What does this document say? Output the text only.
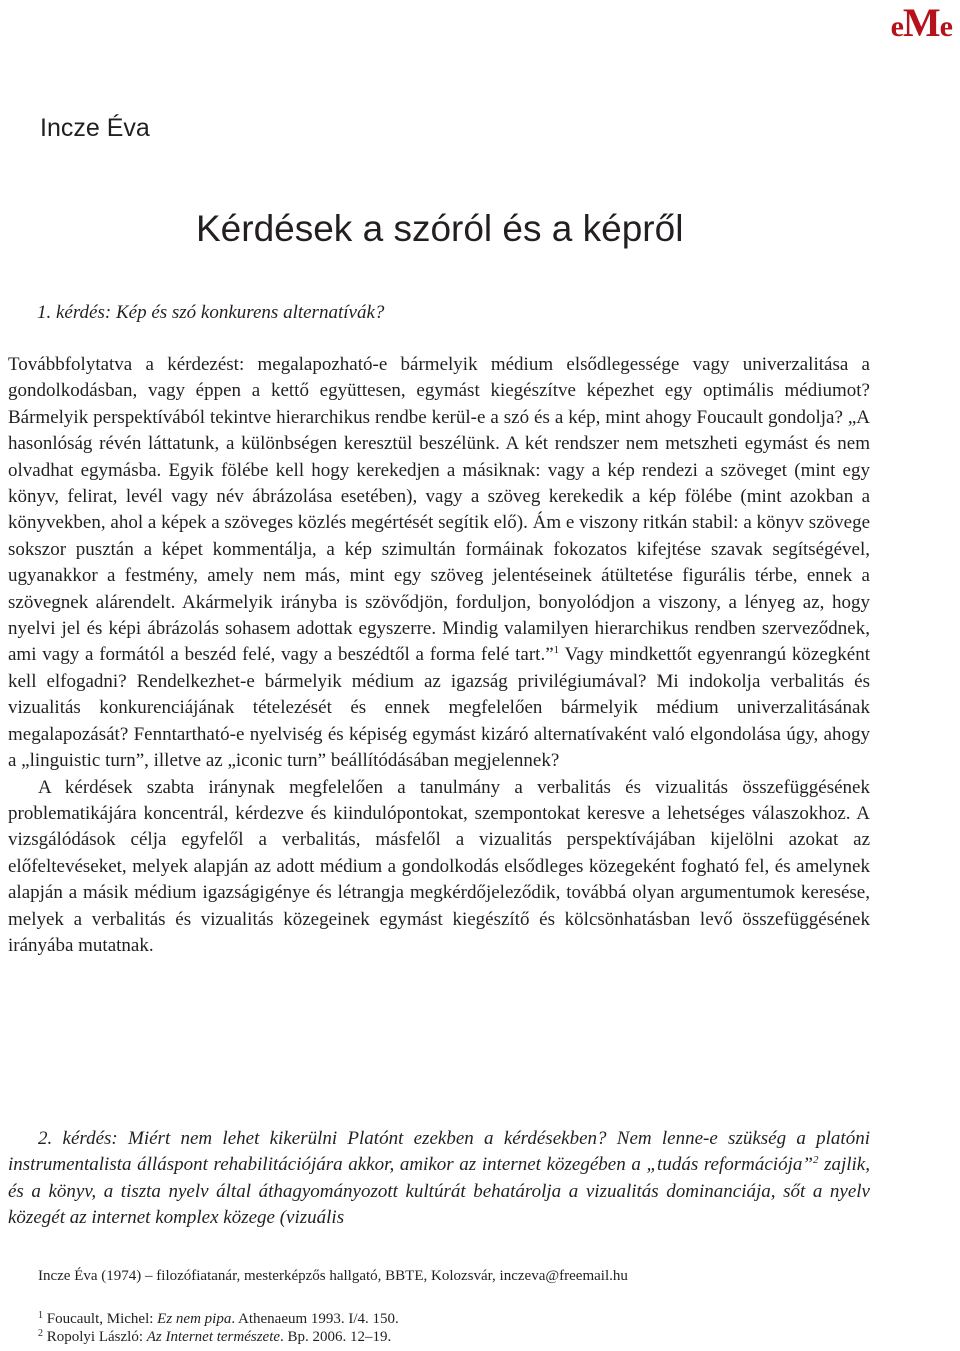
eMe
Incze Éva
Kérdések a szóról és a képről
1. kérdés: Kép és szó konkurens alternatívák?

Továbbfolytatva a kérdezést: megalapozható-e bármelyik médium elsődlegessége vagy univerzalitása a gondolkodásban, vagy éppen a kettő együttesen, egymást kiegészítve képezhet egy optimális médiumot? Bármelyik perspektívából tekintve hierarchikus rendbe kerül-e a szó és a kép, mint ahogy Foucault gondolja? „A hasonlóság révén láttatunk, a különbségen keresztül beszélünk. A két rendszer nem metszheti egymást és nem olvadhat egymásba. Egyik fölébe kell hogy kerekedjen a másiknak: vagy a kép rendezi a szöveget (mint egy könyv, felirat, levél vagy név ábrázolása esetében), vagy a szöveg kerekedik a kép fölébe (mint azokban a könyvekben, ahol a képek a szöveges közlés megértését segítik elő). Ám e viszony ritkán stabil: a könyv szövege sokszor pusztán a képet kommentálja, a kép szimultán formáinak fokozatos kifejtése szavak segítségével, ugyanakkor a festmény, amely nem más, mint egy szöveg jelentéseinek átültetése figurális térbe, ennek a szövegnek alárendelt. Akármelyik irányba is szövődjön, forduljon, bonyolódjon a viszony, a lényeg az, hogy nyelvi jel és képi ábrázolás sohasem adottak egyszerre. Mindig valamilyen hierarchikus rendben szerveződnek, ami vagy a formától a beszéd felé, vagy a beszédtől a forma felé tart.”$^1$ Vagy mindkettőt egyenrangú közegként kell elfogadni? Rendelkezhet-e bármelyik médium az igazság privilégiumával? Mi indokolja verbalitás és vizualitás konkurenciájának tételezését és ennek megfelelően bármelyik médium univerzalitásának megalapozását? Fenntartható-e nyelviség és képiség egymást kizáró alternatívaként való elgondolása úgy, ahogy a „linguistic turn”, illetve az „iconic turn” beállítódásában megjelennek?

A kérdések szabta iránynak megfelelően a tanulmány a verbalitás és vizualitás összefüggésének problematikájára koncentrál, kérdezve és kiindulópontokat, szempontokat keresve a lehetséges válaszokhoz. A vizsgálódások célja egyfelől a verbalitás, másfelől a vizualitás perspektívájában kijelölni azokat az előfeltevéseket, melyek alapján az adott médium a gondolkodás elsődleges közegeként fogható fel, és amelynek alapján a másik médium igazságigénye és létrangja megkérdőjeleződik, továbbá olyan argumentumok keresése, melyek a verbalitás és vizualitás közegeinek egymást kiegészítő és kölcsönhatásban levő összefüggésének irányába mutatnak.

2. kérdés: Miért nem lehet kikerülni Platónt ezekben a kérdésekben? Nem lenne-e szükség a platóni instrumentalista álláspont rehabilitációjára akkor, amikor az internet közegében a „tudás reformációja”$^2$ zajlik, és a könyv, a tiszta nyelv által áthagyományozott kultúrát behatárolja a vizualitás dominanciája, sőt a nyelv közegét az internet komplex közege (vizuális

Incze Éva (1974) – filozófiatanár, mesterképzős hallgató, BBTE, Kolozsvár, inczeva@freemail.hu
$^1$ Foucault, Michel: Ez nem pipa. Athenaeum 1993. I/4. 150.
$^2$ Ropolyi László: Az Internet természete. Bp. 2006. 12–19.
